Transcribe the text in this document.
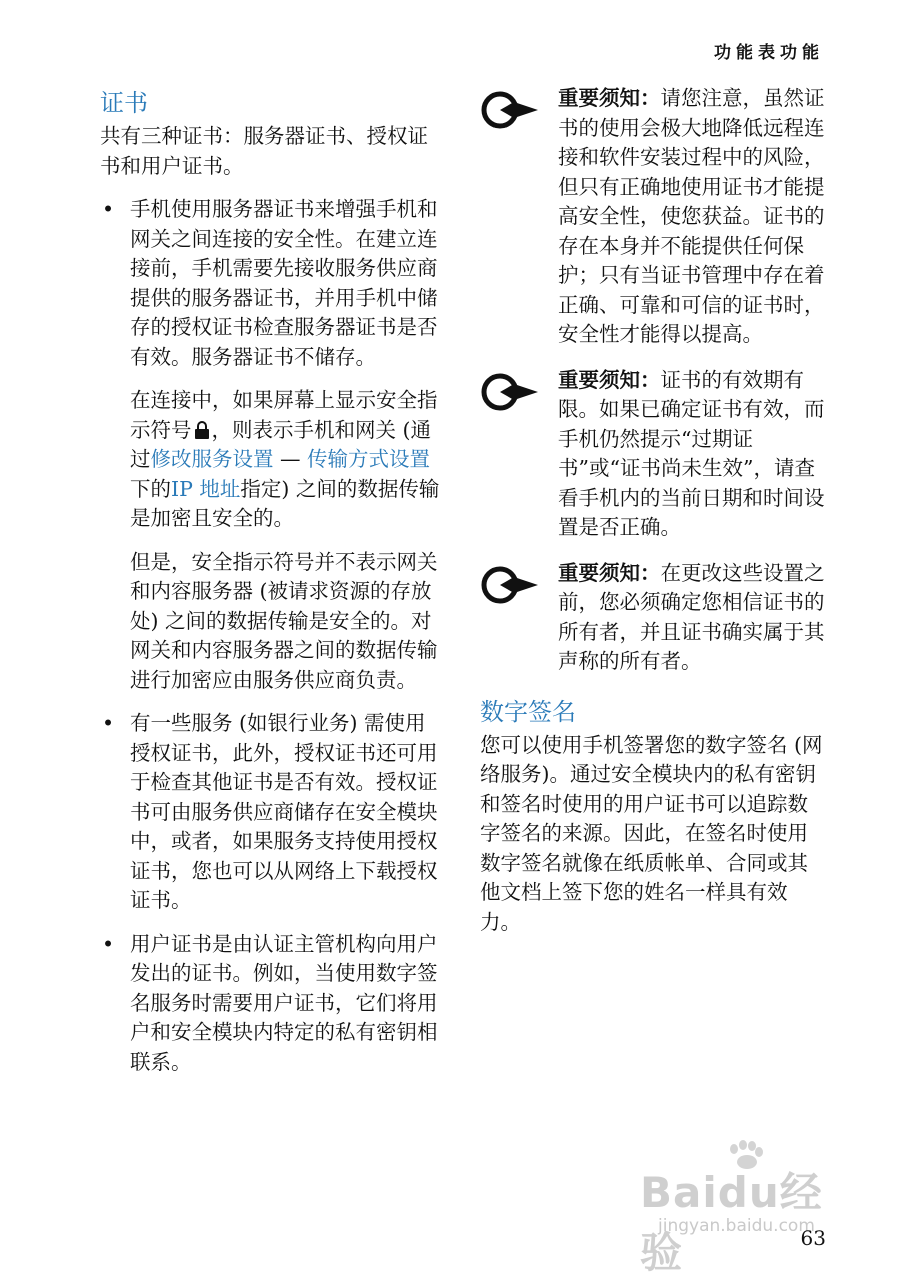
功能表功能
证书

共有三种证书：服务器证书、授权证书和用户证书。

• 手机使用服务器证书来增强手机和网关之间连接的安全性。在建立连接前，手机需要先接收服务供应商提供的服务器证书，并用手机中储存的授权证书检查服务器证书是否有效。服务器证书不储存。

在连接中，如果屏幕上显示安全指示符号 ，则表示手机和网关 (通过修改服务设置 — 传输方式设置下的IP 地址指定) 之间的数据传输是加密且安全的。

但是，安全指示符号并不表示网关和内容服务器 (被请求资源的存放处) 之间的数据传输是安全的。对网关和内容服务器之间的数据传输进行加密应由服务供应商负责。

• 有一些服务 (如银行业务) 需使用授权证书，此外，授权证书还可用于检查其他证书是否有效。授权证书可由服务供应商储存在安全模块中，或者，如果服务支持使用授权证书，您也可以从网络上下载授权证书。

• 用户证书是由认证主管机构向用户发出的证书。例如，当使用数字签名服务时需要用户证书，它们将用户和安全模块内特定的私有密钥相联系。

重要须知：请您注意，虽然证书的使用会极大地降低远程连接和软件安装过程中的风险，但只有正确地使用证书才能提高安全性，使您获益。证书的存在本身并不能提供任何保护；只有当证书管理中存在着正确、可靠和可信的证书时，安全性才能得以提高。

重要须知：证书的有效期有限。如果已确定证书有效，而手机仍然提示“过期证书”或“证书尚未生效”，请查看手机内的当前日期和时间设置是否正确。

重要须知：在更改这些设置之前，您必须确定您相信证书的所有者，并且证书确实属于其声称的所有者。

数字签名

您可以使用手机签署您的数字签名 (网络服务)。通过安全模块内的私有密钥和签名时使用的用户证书可以追踪数字签名的来源。因此，在签名时使用数字签名就像在纸质帐单、合同或其他文档上签下您的姓名一样具有效力。

Baidu经验
jingyan.baidu.com
63
